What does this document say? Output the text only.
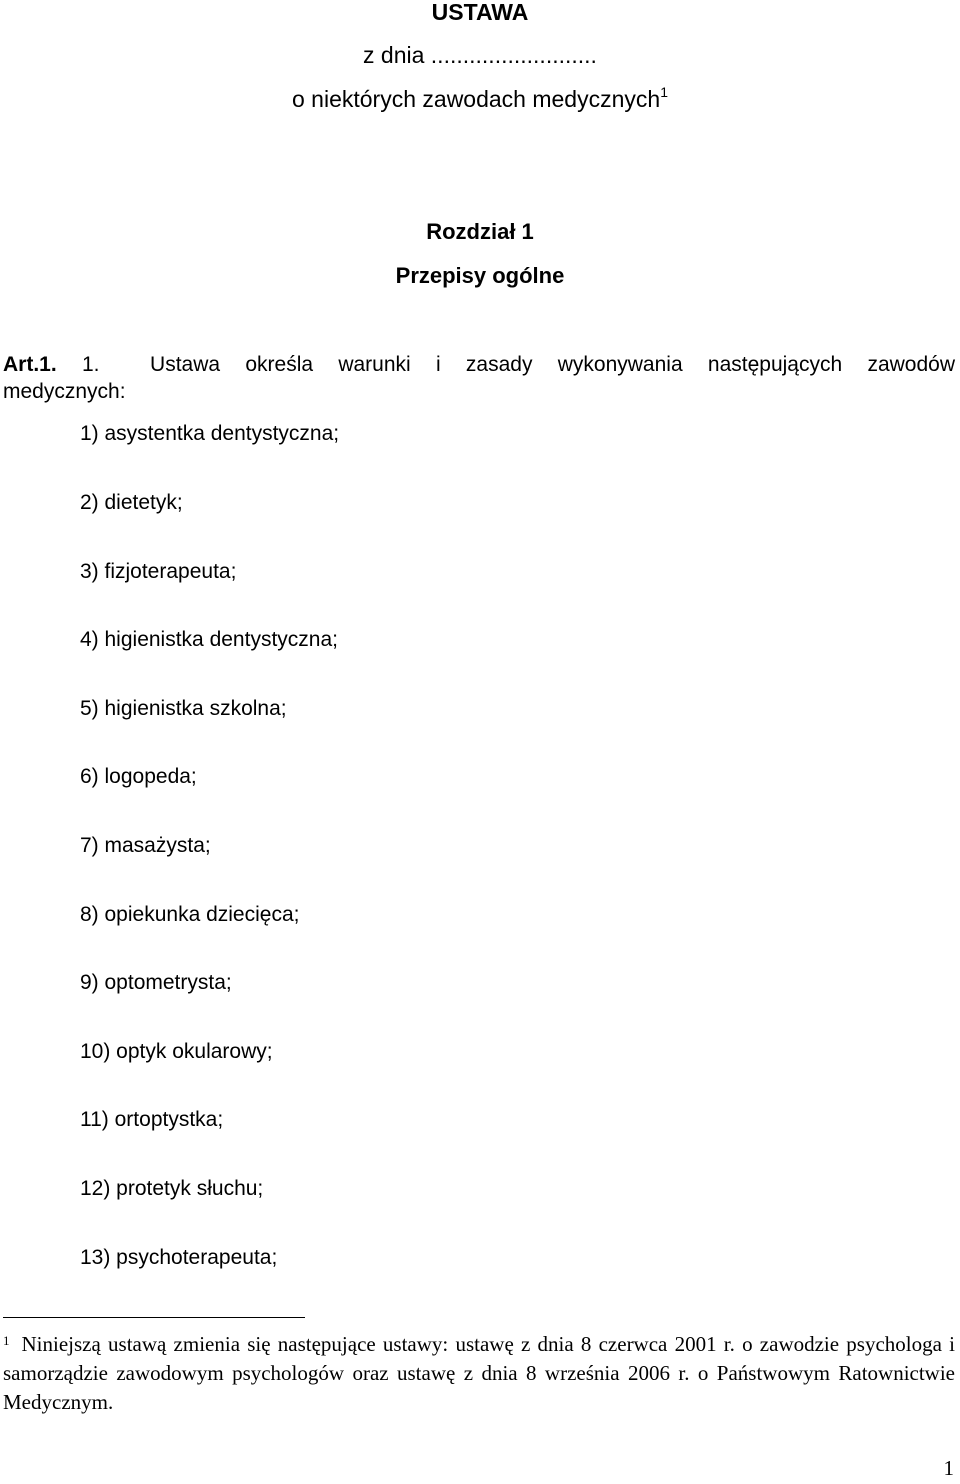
USTAWA
z dnia ..........................
o niektórych zawodach medycznych$^1$
Rozdział 1
Przepisy ogólne
Art.1. 1. Ustawa określa warunki i zasady wykonywania następujących zawodów
medycznych:
1) asystentka dentystyczna;
2) dietetyk;
3) fizjoterapeuta;
4) higienistka dentystyczna;
5) higienistka szkolna;
6) logopeda;
7) masażysta;
8) opiekunka dziecięca;
9) optometrysta;
10) optyk okularowy;
11) ortoptystka;
12) protetyk słuchu;
13) psychoterapeuta;
$^1$ Niniejszą ustawą zmienia się następujące ustawy: ustawę z dnia 8 czerwca 2001 r. o zawodzie psychologa i samorządzie zawodowym psychologów oraz ustawę z dnia 8 września 2006 r. o Państwowym Ratownictwie Medycznym.
1
